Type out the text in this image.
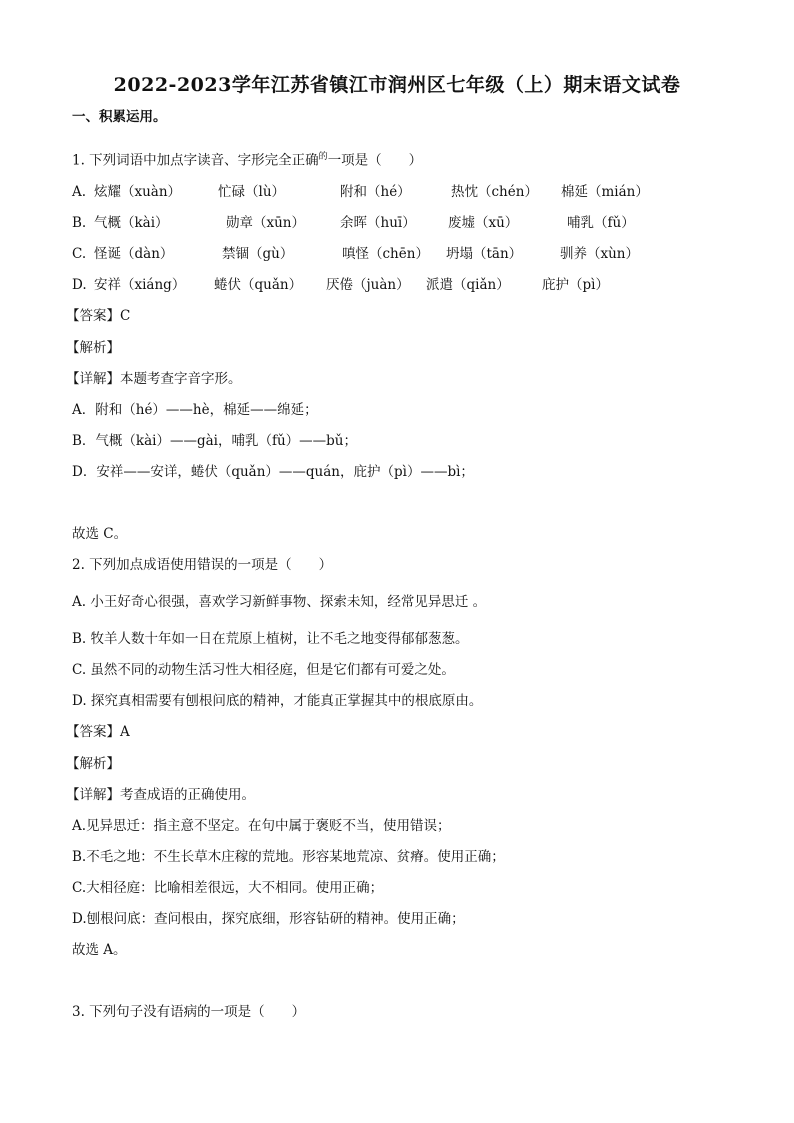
2022-2023学年江苏省镇江市润州区七年级（上）期末语文试卷
一、积累运用。
1. 下列词语中加点字读音、字形完全正确$^的$一项是（　　）
A. 炫耀（xuàn）	忙碌（lù）	附和（hé）	热忱（chén） 棉延（mián）
B. 气概（kài）	勋章（xūn）	余晖（huī） 废墟（xū）	哺乳（fǔ）
C. 怪诞（dàn）	禁锢（gù）	嗔怪（chēn） 坍塌（tān）	驯养（xùn）
D. 安祥（xiáng） 蜷伏（quǎn） 厌倦（juàn） 派遣（qiǎn） 庇护（pì）
【答案】C
【解析】
【详解】本题考查字音字形。
A．附和（hé）——hè，棉延——绵延；
B．气概（kài）——gài，哺乳（fǔ）——bǔ；
D．安祥——安详，蜷伏（quǎn）——quán，庇护（pì）——bì；
故选 C。
2. 下列加点成语使用错误的一项是（　　）
A. 小王好奇心很强，喜欢学习新鲜事物、探索未知，经常见异思迁 。
B. 牧羊人数十年如一日在荒原上植树，让不毛之地变得郁郁葱葱。
C. 虽然不同的动物生活习性大相径庭，但是它们都有可爱之处。
D. 探究真相需要有刨根问底的精神，才能真正掌握其中的根底原由。
【答案】A
【解析】
【详解】考查成语的正确使用。
A.见异思迁：指主意不坚定。在句中属于褒贬不当，使用错误；
B.不毛之地：不生长草木庄稼的荒地。形容某地荒凉、贫瘠。使用正确；
C.大相径庭：比喻相差很远，大不相同。使用正确；
D.刨根问底：查问根由，探究底细，形容钻研的精神。使用正确；
故选 A。
3. 下列句子没有语病的一项是（　　）
